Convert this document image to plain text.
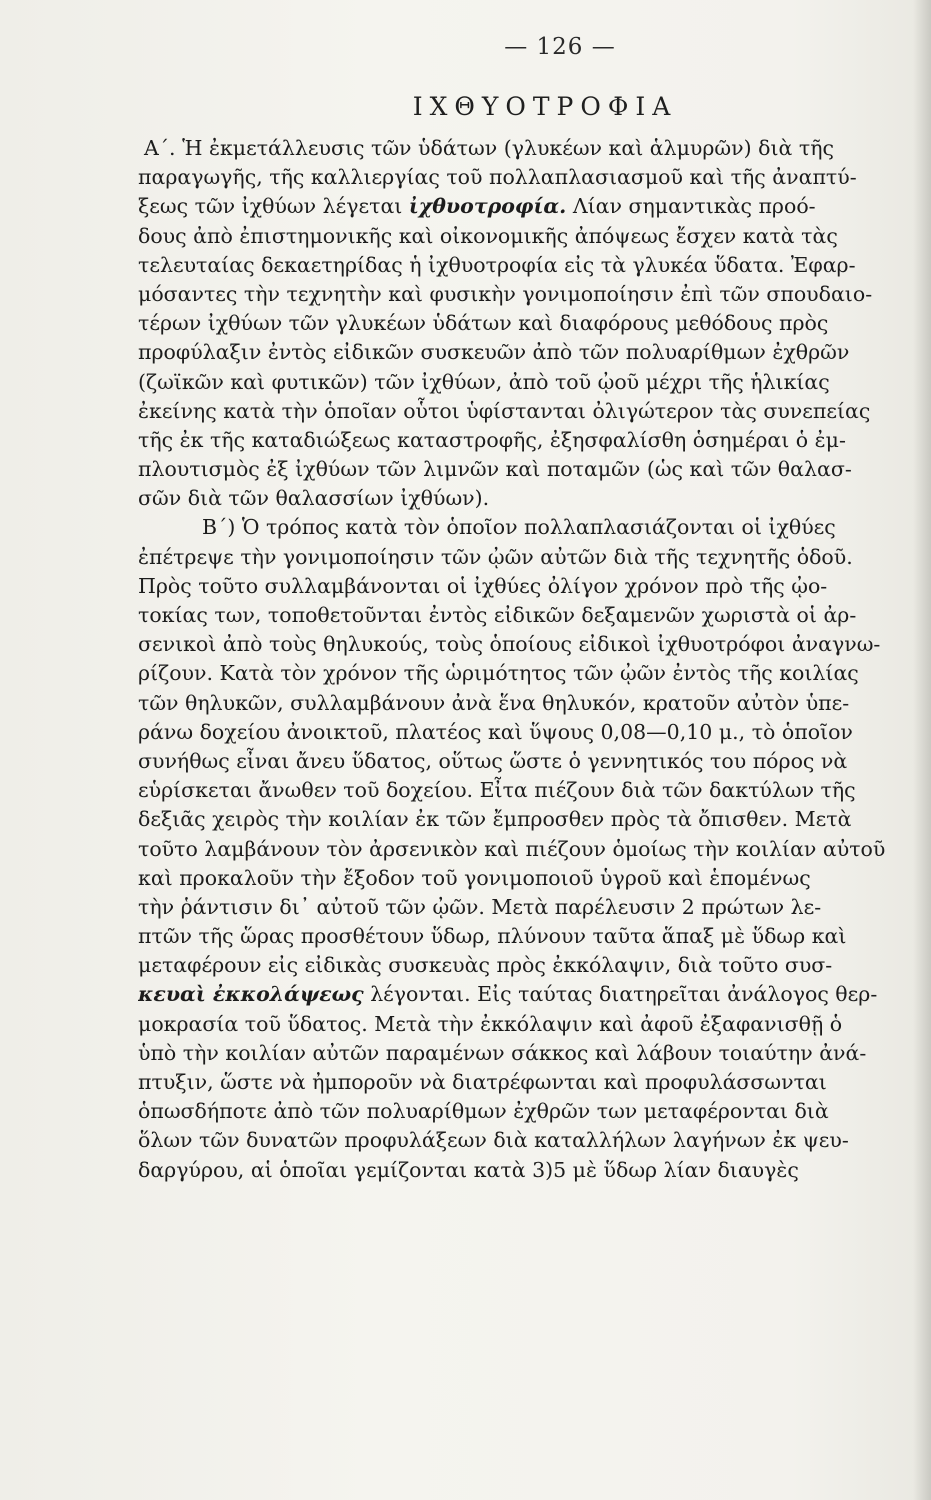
— 126 —
ΙΧΘΥΟΤΡΟΦΙΑ
Α΄. Ἡ ἐκμετάλλευσις τῶν ὑδάτων (γλυκέων καὶ ἁλμυρῶν) διὰ τῆς
παραγωγῆς, τῆς καλλιεργίας τοῦ πολλαπλασιασμοῦ καὶ τῆς ἀναπτύ-
ξεως τῶν ἰχθύων λέγεται ἰχθυοτροφία. Λίαν σημαντικὰς προό-
δους ἀπὸ ἐπιστημονικῆς καὶ οἰκονομικῆς ἀπόψεως ἔσχεν κατὰ τὰς
τελευταίας δεκαετηρίδας ἡ ἰχθυοτροφία εἰς τὰ γλυκέα ὕδατα. Ἐφαρ-
μόσαντες τὴν τεχνητὴν καὶ φυσικὴν γονιμοποίησιν ἐπὶ τῶν σπουδαιο-
τέρων ἰχθύων τῶν γλυκέων ὑδάτων καὶ διαφόρους μεθόδους πρὸς
προφύλαξιν ἐντὸς εἰδικῶν συσκευῶν ἀπὸ τῶν πολυαρίθμων ἐχθρῶν
(ζωϊκῶν καὶ φυτικῶν) τῶν ἰχθύων, ἀπὸ τοῦ ᾠοῦ μέχρι τῆς ἡλικίας
ἐκείνης κατὰ τὴν ὁποῖαν οὗτοι ὑφίστανται ὀλιγώτερον τὰς συνεπείας
τῆς ἐκ τῆς καταδιώξεως καταστροφῆς, ἐξησφαλίσθη ὁσημέραι ὁ ἐμ-
πλουτισμὸς ἐξ ἰχθύων τῶν λιμνῶν καὶ ποταμῶν (ὡς καὶ τῶν θαλασ-
σῶν διὰ τῶν θαλασσίων ἰχθύων).
Β΄) Ὁ τρόπος κατὰ τὸν ὁποῖον πολλαπλασιάζονται οἱ ἰχθύες
ἐπέτρεψε τὴν γονιμοποίησιν τῶν ᾠῶν αὐτῶν διὰ τῆς τεχνητῆς ὁδοῦ.
Πρὸς τοῦτο συλλαμβάνονται οἱ ἰχθύες ὀλίγον χρόνον πρὸ τῆς ᾠο-
τοκίας των, τοποθετοῦνται ἐντὸς εἰδικῶν δεξαμενῶν χωριστὰ οἱ ἀρ-
σενικοὶ ἀπὸ τοὺς θηλυκούς, τοὺς ὁποίους εἰδικοὶ ἰχθυοτρόφοι ἀναγνω-
ρίζουν. Κατὰ τὸν χρόνον τῆς ὡριμότητος τῶν ᾠῶν ἐντὸς τῆς κοιλίας
τῶν θηλυκῶν, συλλαμβάνουν ἀνὰ ἕνα θηλυκόν, κρατοῦν αὐτὸν ὑπε-
ράνω δοχείου ἀνοικτοῦ, πλατέος καὶ ὕψους 0,08—0,10 μ., τὸ ὁποῖον
συνήθως εἶναι ἄνευ ὕδατος, οὕτως ὥστε ὁ γεννητικός του πόρος νὰ
εὑρίσκεται ἄνωθεν τοῦ δοχείου. Εἶτα πιέζουν διὰ τῶν δακτύλων τῆς
δεξιᾶς χειρὸς τὴν κοιλίαν ἐκ τῶν ἔμπροσθεν πρὸς τὰ ὄπισθεν. Μετὰ
τοῦτο λαμβάνουν τὸν ἀρσενικὸν καὶ πιέζουν ὁμοίως τὴν κοιλίαν αὐτοῦ
καὶ προκαλοῦν τὴν ἔξοδον τοῦ γονιμοποιοῦ ὑγροῦ καὶ ἑπομένως
τὴν ῥάντισιν δι᾿ αὐτοῦ τῶν ᾠῶν. Μετὰ παρέλευσιν 2 πρώτων λε-
πτῶν τῆς ὥρας προσθέτουν ὕδωρ, πλύνουν ταῦτα ἅπαξ μὲ ὕδωρ καὶ
μεταφέρουν εἰς εἰδικὰς συσκευὰς πρὸς ἐκκόλαψιν, διὰ τοῦτο συσ-
κευαὶ ἐκκολάψεως λέγονται. Εἰς ταύτας διατηρεῖται ἀνάλογος θερ-
μοκρασία τοῦ ὕδατος. Μετὰ τὴν ἐκκόλαψιν καὶ ἀφοῦ ἐξαφανισθῇ ὁ
ὑπὸ τὴν κοιλίαν αὐτῶν παραμένων σάκκος καὶ λάβουν τοιαύτην ἀνά-
πτυξιν, ὥστε νὰ ἠμποροῦν νὰ διατρέφωνται καὶ προφυλάσσωνται
ὁπωσδήποτε ἀπὸ τῶν πολυαρίθμων ἐχθρῶν των μεταφέρονται διὰ
ὅλων τῶν δυνατῶν προφυλάξεων διὰ καταλλήλων λαγήνων ἐκ ψευ-
δαργύρου, αἱ ὁποῖαι γεμίζονται κατὰ 3)5 μὲ ὕδωρ λίαν διαυγὲς
